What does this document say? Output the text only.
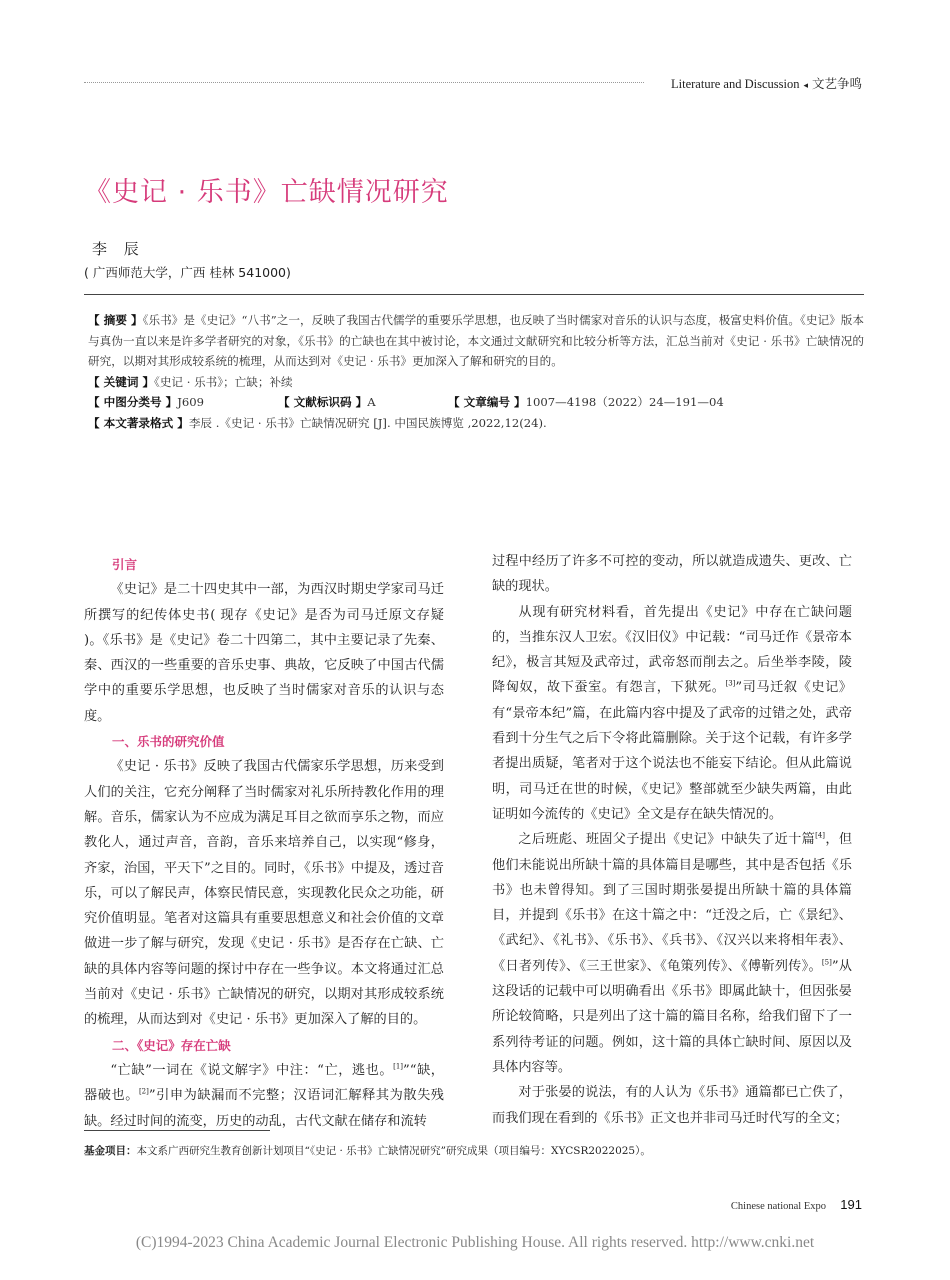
Literature and Discussion ◂ 文艺争鸣
《史记 · 乐书》亡缺情况研究
李 辰
( 广西师范大学，广西 桂林 541000)
【 摘要 】《乐书》是《史记》“八书”之一，反映了我国古代儒学的重要乐学思想，也反映了当时儒家对音乐的认识与态度，极富史料价值。《史记》版本与真伪一直以来是许多学者研究的对象，《乐书》的亡缺也在其中被讨论，本文通过文献研究和比较分析等方法，汇总当前对《史记 · 乐书》亡缺情况的研究，以期对其形成较系统的梳理，从而达到对《史记 · 乐书》更加深入了解和研究的目的。
【 关键词 】《史记 · 乐书》；亡缺；补续
【 中图分类号 】J609	【 文献标识码 】A	【 文章编号 】1007—4198（2022）24—191—04
【 本文著录格式 】李辰 .《史记 · 乐书》亡缺情况研究 [J]. 中国民族博览 ,2022,12(24).
引言

《史记》是二十四史其中一部，为西汉时期史学家司马迁所撰写的纪传体史书( 现存《史记》是否为司马迁原文存疑 )。《乐书》是《史记》卷二十四第二，其中主要记录了先秦、秦、西汉的一些重要的音乐史事、典故，它反映了中国古代儒学中的重要乐学思想，也反映了当时儒家对音乐的认识与态度。

一、乐书的研究价值

《史记 · 乐书》反映了我国古代儒家乐学思想，历来受到人们的关注，它充分阐释了当时儒家对礼乐所持教化作用的理解。音乐，儒家认为不应成为满足耳目之欲而享乐之物，而应教化人，通过声音，音韵，音乐来培养自己，以实现“修身，齐家，治国，平天下”之目的。同时，《乐书》中提及，透过音乐，可以了解民声，体察民情民意，实现教化民众之功能，研究价值明显。笔者对这篇具有重要思想意义和社会价值的文章做进一步了解与研究，发现《史记 · 乐书》是否存在亡缺、亡缺的具体内容等问题的探讨中存在一些争议。本文将通过汇总当前对《史记 · 乐书》亡缺情况的研究，以期对其形成较系统的梳理，从而达到对《史记 · 乐书》更加深入了解的目的。

二、《史记》存在亡缺

“亡缺”一词在《说文解字》中注：“亡，逃也。[1]”“缺，器破也。[2]”引申为缺漏而不完整；汉语词汇解释其为散失残缺。经过时间的流变，历史的动乱，古代文献在储存和流转

过程中经历了许多不可控的变动，所以就造成遗失、更改、亡缺的现状。

从现有研究材料看，首先提出《史记》中存在亡缺问题的，当推东汉人卫宏。《汉旧仪》中记载：“司马迁作《景帝本纪》，极言其短及武帝过，武帝怒而削去之。后坐举李陵，陵降匈奴，故下蚕室。有怨言，下狱死。[3]”司马迁叙《史记》有“景帝本纪”篇，在此篇内容中提及了武帝的过错之处，武帝看到十分生气之后下令将此篇删除。关于这个记载，有许多学者提出质疑，笔者对于这个说法也不能妄下结论。但从此篇说明，司马迁在世的时候，《史记》整部就至少缺失两篇，由此证明如今流传的《史记》全文是存在缺失情况的。

之后班彪、班固父子提出《史记》中缺失了近十篇[4]，但他们未能说出所缺十篇的具体篇目是哪些，其中是否包括《乐书》也未曾得知。到了三国时期张晏提出所缺十篇的具体篇目，并提到《乐书》在这十篇之中：“迁没之后，亡《景纪》、《武纪》、《礼书》、《乐书》、《兵书》、《汉兴以来将相年表》、《日者列传》、《三王世家》、《龟策列传》、《傅靳列传》。[5]”从这段话的记载中可以明确看出《乐书》即属此缺十，但因张晏所论较简略，只是列出了这十篇的篇目名称，给我们留下了一系列待考证的问题。例如，这十篇的具体亡缺时间、原因以及具体内容等。

对于张晏的说法，有的人认为《乐书》通篇都已亡佚了，而我们现在看到的《乐书》正文也并非司马迁时代写的全文；

基金项目：本文系广西研究生教育创新计划项目“《史记 · 乐书》亡缺情况研究”研究成果（项目编号：XYCSR2022025）。
Chinese national Expo 191
(C)1994-2023 China Academic Journal Electronic Publishing House. All rights reserved. http://www.cnki.net
